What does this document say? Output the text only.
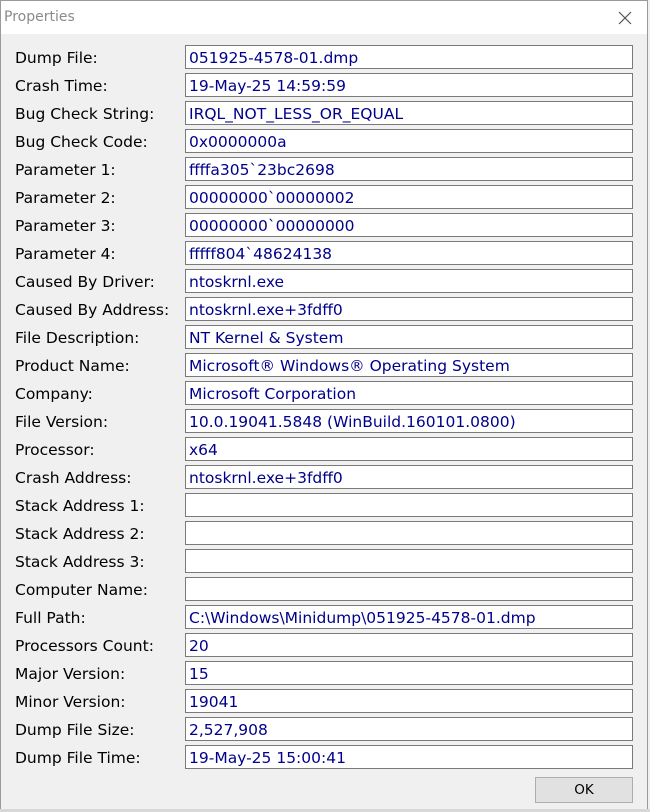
Properties
Dump File:	051925-4578-01.dmp
Crash Time:	19-May-25 14:59:59
Bug Check String: IRQL_NOT_LESS_OR_EQUAL
Bug Check Code:	0x0000000a
Parameter 1:	ffffa305`23bc2698
Parameter 2:	00000000`00000002
Parameter 3:	00000000`00000000
Parameter 4:	fffff804`48624138
Caused By Driver: ntoskrnl.exe
Caused By Address: ntoskrnl.exe+3fdff0
File Description:	NT Kernel & System
Product Name:	Microsoft® Windows® Operating System
Company:	Microsoft Corporation
File Version:	10.0.19041.5848 (WinBuild.160101.0800)
Processor:	x64
Crash Address:	ntoskrnl.exe+3fdff0
Stack Address 1:
Stack Address 2:
Stack Address 3:
Computer Name:
Full Path:	C:\Windows\Minidump\051925-4578-01.dmp
Processors Count: 20
Major Version:	15
Minor Version:	19041
Dump File Size:	2,527,908
Dump File Time:	19-May-25 15:00:41
OK
